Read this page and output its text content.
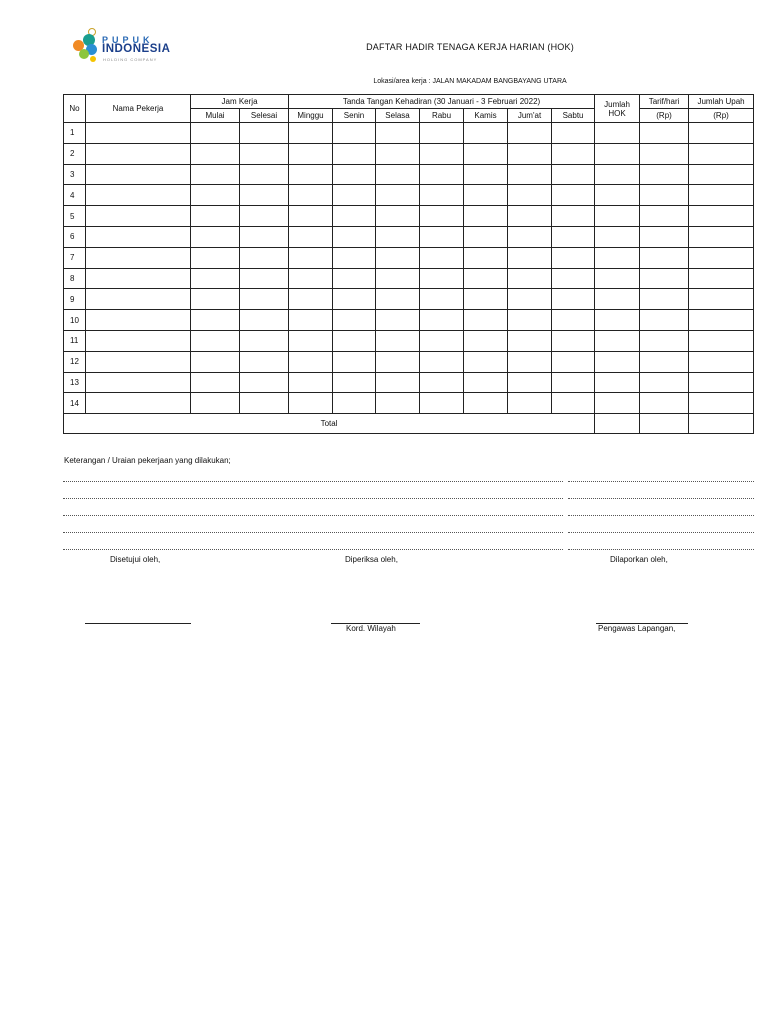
PUPUK
INDONESIA
HOLDING COMPANY
DAFTAR HADIR TENAGA KERJA HARIAN (HOK)
Lokasi/area kerja : JALAN MAKADAM BANGBAYANG UTARA
No	Nama Pekerja	Jam Kerja		Tanda Tangan Kehadiran (30 Januari - 3 Februari 2022)							Jumlah HOK	Tarif/hari	Jumlah Upah
		Mulai	Selesai	Minggu	Senin	Selasa	Rabu	Kamis	Jum'at	Sabtu		(Rp)	(Rp)
1													
2													
3													
4													
5													
6													
7													
8													
9													
10													
11													
12													
13													
14													
Total													
Keterangan / Uraian pekerjaan yang dilakukan;
Disetujui oleh,	Diperiksa oleh,	Dilaporkan oleh,
Kord. Wilayah	Pengawas Lapangan,
